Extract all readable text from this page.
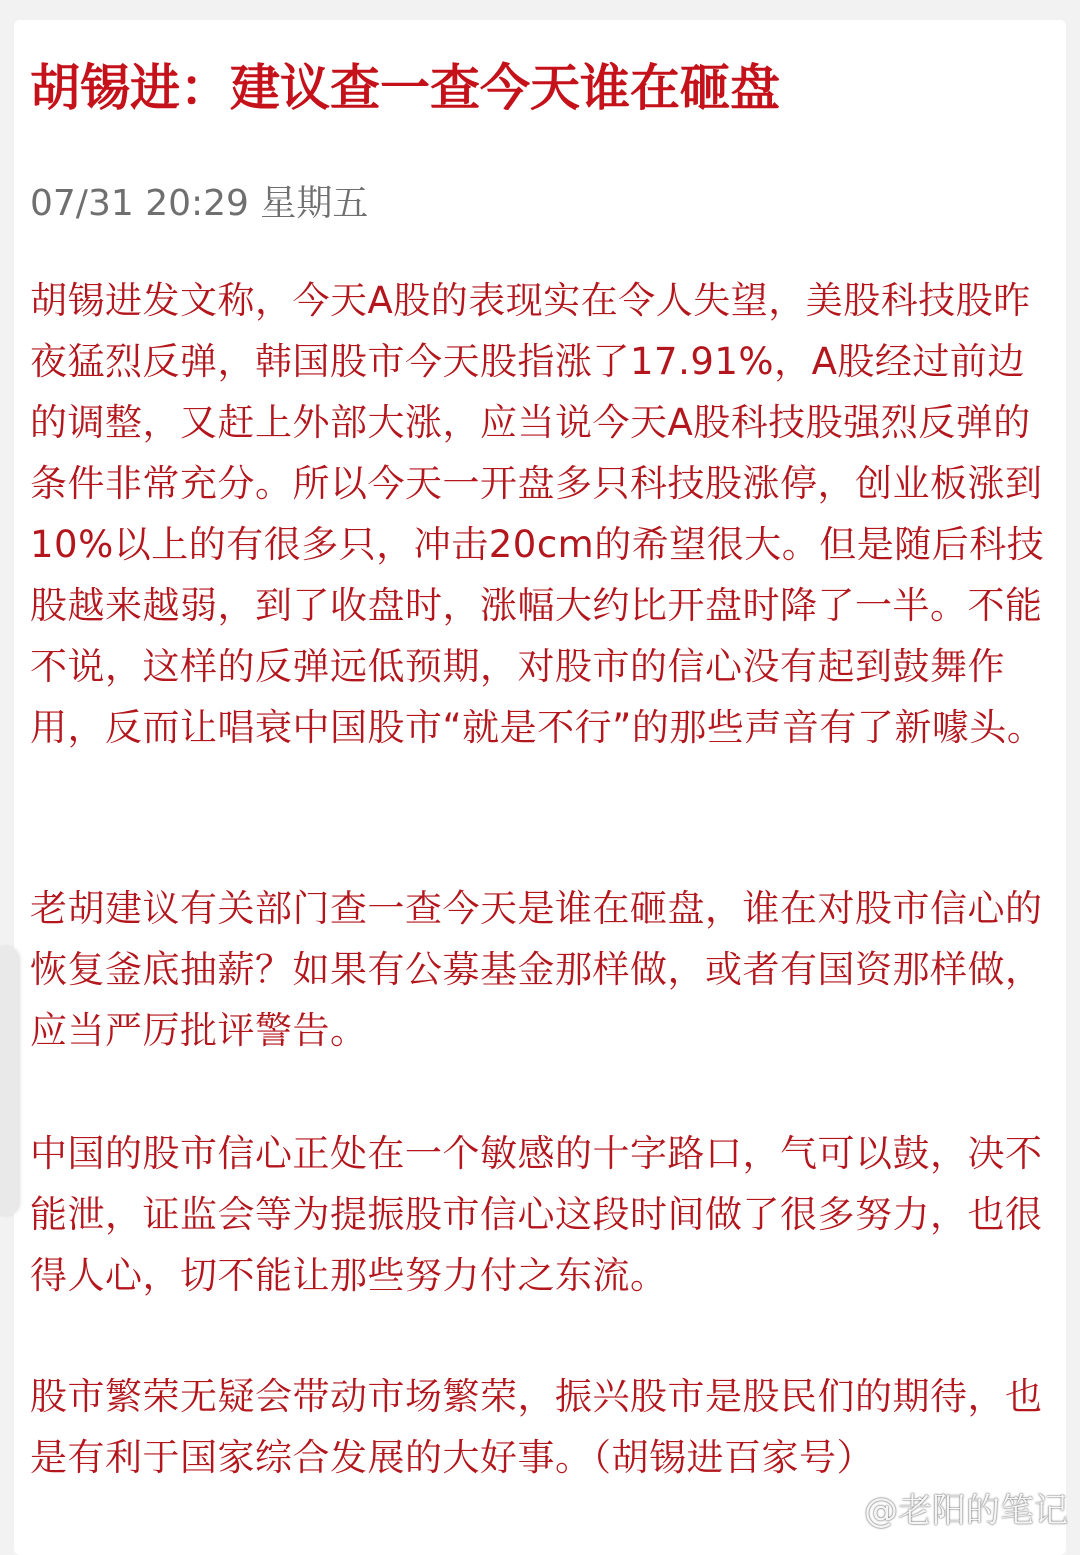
胡锡进：建议查一查今天谁在砸盘
07/31 20:29 星期五

胡锡进发文称，今天A股的表现实在令人失望，美股科技股昨夜猛烈反弹，韩国股市今天股指涨了17.91%，A股经过前边的调整，又赶上外部大涨，应当说今天A股科技股强烈反弹的条件非常充分。所以今天一开盘多只科技股涨停，创业板涨到10%以上的有很多只，冲击20cm的希望很大。但是随后科技股越来越弱，到了收盘时，涨幅大约比开盘时降了一半。不能不说，这样的反弹远低预期，对股市的信心没有起到鼓舞作用，反而让唱衰中国股市“就是不行”的那些声音有了新噱头。

老胡建议有关部门查一查今天是谁在砸盘，谁在对股市信心的恢复釜底抽薪？如果有公募基金那样做，或者有国资那样做，应当严厉批评警告。

中国的股市信心正处在一个敏感的十字路口，气可以鼓，决不能泄，证监会等为提振股市信心这段时间做了很多努力，也很得人心，切不能让那些努力付之东流。

股市繁荣无疑会带动市场繁荣，振兴股市是股民们的期待，也是有利于国家综合发展的大好事。（胡锡进百家号）

@老阳的笔记
